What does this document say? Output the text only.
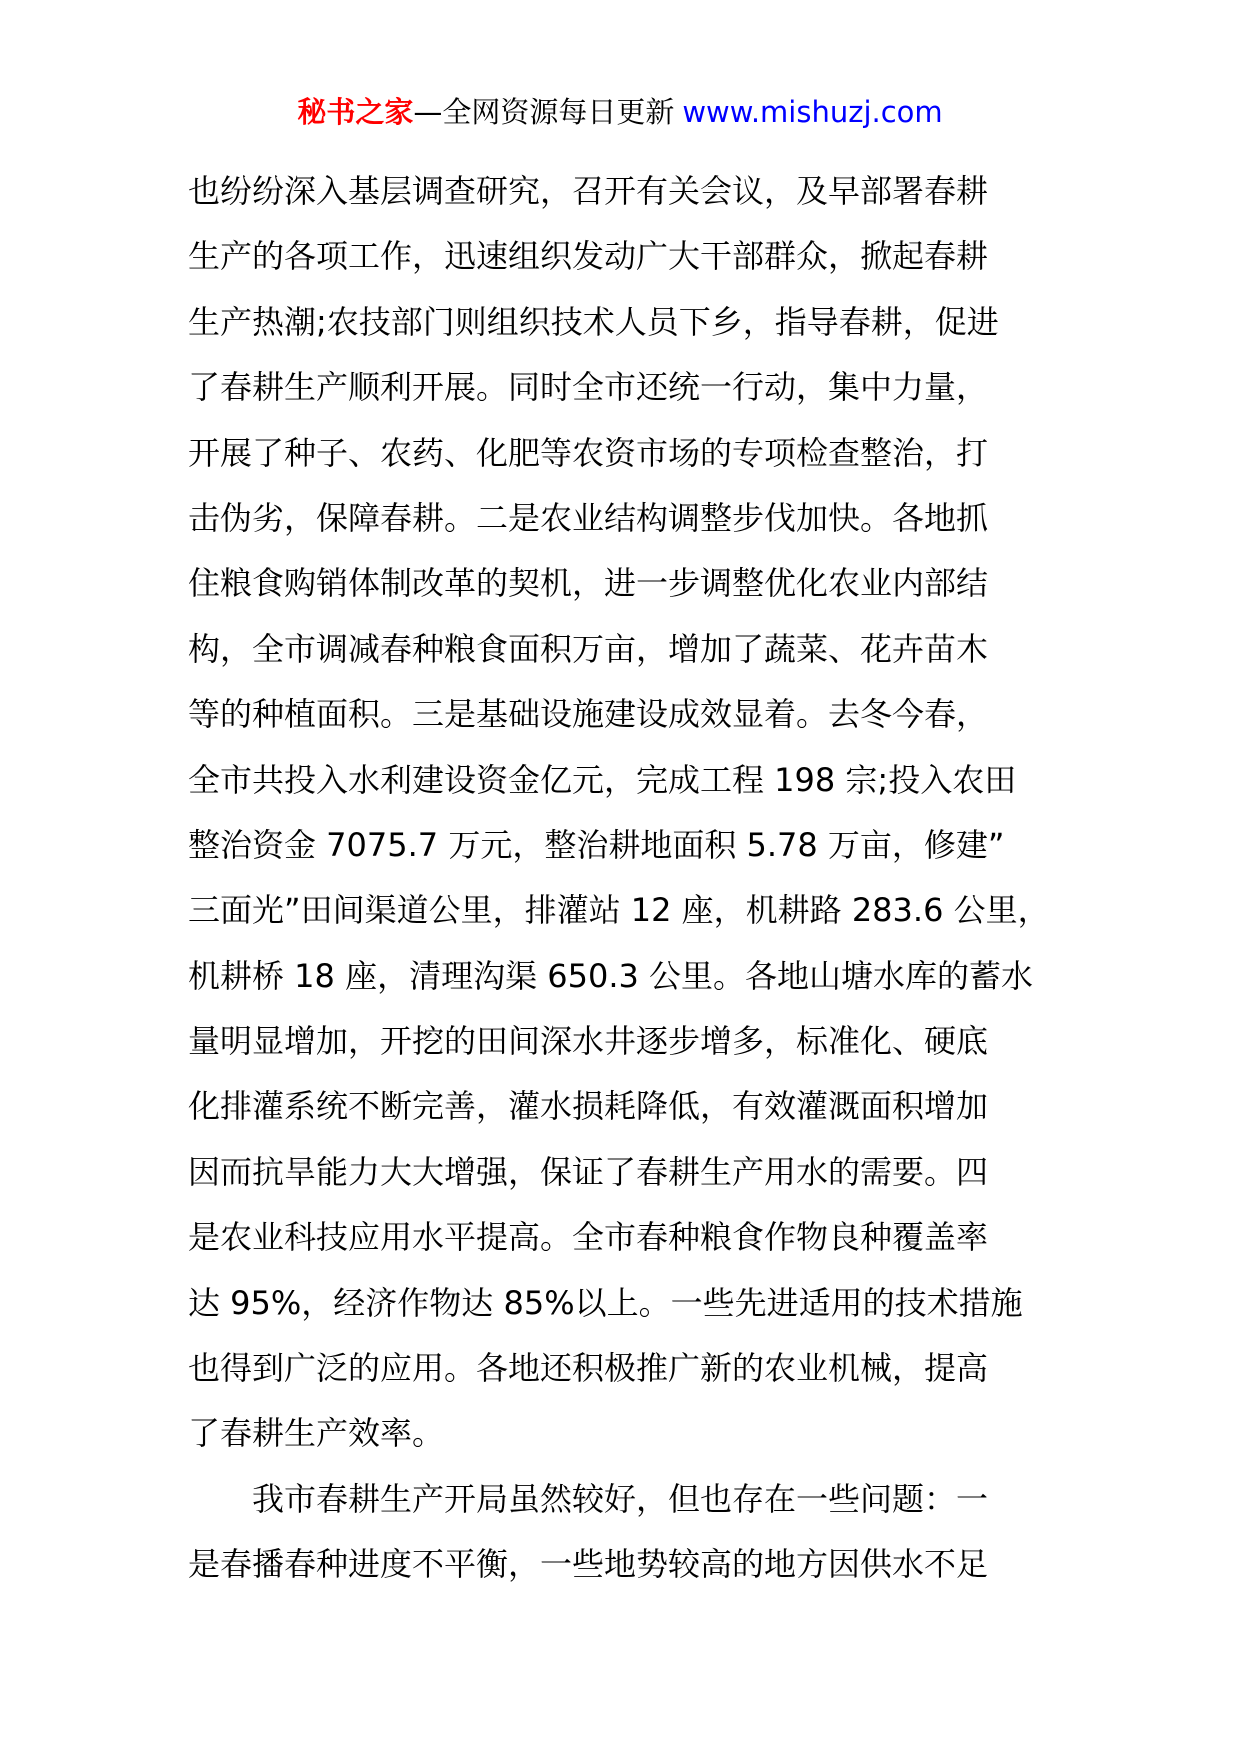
秘书之家—全网资源每日更新 www.mishuzj.com
也纷纷深入基层调查研究，召开有关会议，及早部署春耕
生产的各项工作，迅速组织发动广大干部群众，掀起春耕
生产热潮;农技部门则组织技术人员下乡，指导春耕，促进
了春耕生产顺利开展。同时全市还统一行动，集中力量，
开展了种子、农药、化肥等农资市场的专项检查整治，打
击伪劣，保障春耕。二是农业结构调整步伐加快。各地抓
住粮食购销体制改革的契机，进一步调整优化农业内部结
构，全市调减春种粮食面积万亩，增加了蔬菜、花卉苗木
等的种植面积。三是基础设施建设成效显着。去冬今春，
全市共投入水利建设资金亿元，完成工程 198 宗;投入农田
整治资金 7075.7 万元，整治耕地面积 5.78 万亩，修建”
三面光”田间渠道公里，排灌站 12 座，机耕路 283.6 公里，
机耕桥 18 座，清理沟渠 650.3 公里。各地山塘水库的蓄水
量明显增加，开挖的田间深水井逐步增多，标准化、硬底
化排灌系统不断完善，灌水损耗降低，有效灌溉面积增加
因而抗旱能力大大增强，保证了春耕生产用水的需要。四
是农业科技应用水平提高。全市春种粮食作物良种覆盖率
达 95%，经济作物达 85%以上。一些先进适用的技术措施
也得到广泛的应用。各地还积极推广新的农业机械，提高
了春耕生产效率。
我市春耕生产开局虽然较好，但也存在一些问题：一
是春播春种进度不平衡，一些地势较高的地方因供水不足
